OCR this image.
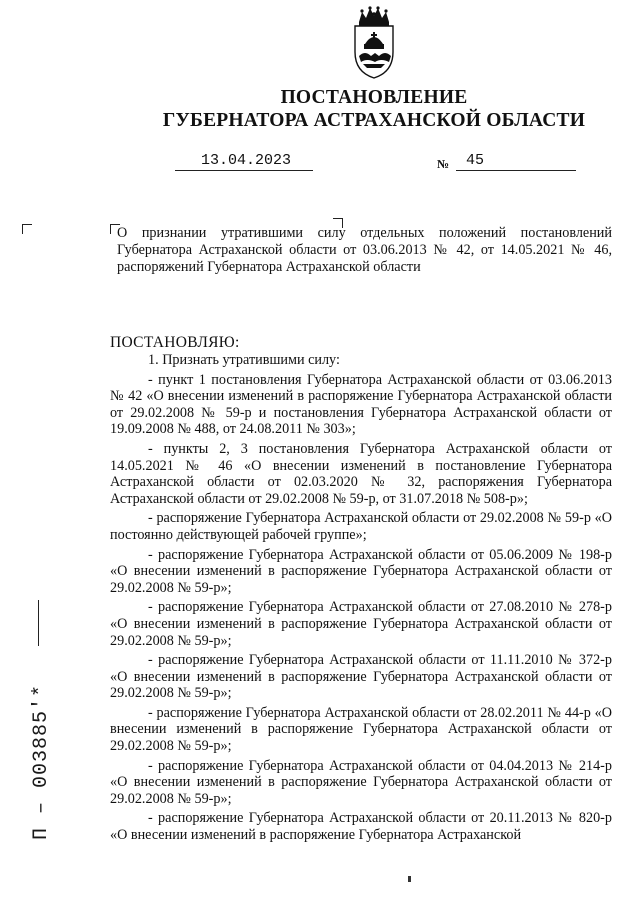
ПОСТАНОВЛЕНИЕ
ГУБЕРНАТОРА АСТРАХАНСКОЙ ОБЛАСТИ
13.04.2023	№	45
О признании утратившими силу отдельных положений постановлений Губернатора Астраханской области от 03.06.2013 № 42, от 14.05.2021 № 46, распоряжений Губернатора Астраханской области
ПОСТАНОВЛЯЮ:
1. Признать утратившими силу:
- пункт 1 постановления Губернатора Астраханской области от 03.06.2013 № 42 «О внесении изменений в распоряжение Губернатора Астраханской области от 29.02.2008 № 59-р и постановления Губернатора Астраханской области от 19.09.2008 № 488, от 24.08.2011 № 303»;
- пункты 2, 3 постановления Губернатора Астраханской области от 14.05.2021 № 46 «О внесении изменений в постановление Губернатора Астраханской области от 02.03.2020 № 32, распоряжения Губернатора Астраханской области от 29.02.2008 № 59-р, от 31.07.2018 № 508-р»;
- распоряжение Губернатора Астраханской области от 29.02.2008 № 59-р «О постоянно действующей рабочей группе»;
- распоряжение Губернатора Астраханской области от 05.06.2009 № 198-р «О внесении изменений в распоряжение Губернатора Астраханской области от 29.02.2008 № 59-р»;
- распоряжение Губернатора Астраханской области от 27.08.2010 № 278-р «О внесении изменений в распоряжение Губернатора Астраханской области от 29.02.2008 № 59-р»;
- распоряжение Губернатора Астраханской области от 11.11.2010 № 372-р «О внесении изменений в распоряжение Губернатора Астраханской области от 29.02.2008 № 59-р»;
- распоряжение Губернатора Астраханской области от 28.02.2011 № 44-р «О внесении изменений в распоряжение Губернатора Астраханской области от 29.02.2008 № 59-р»;
- распоряжение Губернатора Астраханской области от 04.04.2013 № 214-р «О внесении изменений в распоряжение Губернатора Астраханской области от 29.02.2008 № 59-р»;
- распоряжение Губернатора Астраханской области от 20.11.2013 № 820-р «О внесении изменений в распоряжение Губернатора Астраханской
П – 003885′*
